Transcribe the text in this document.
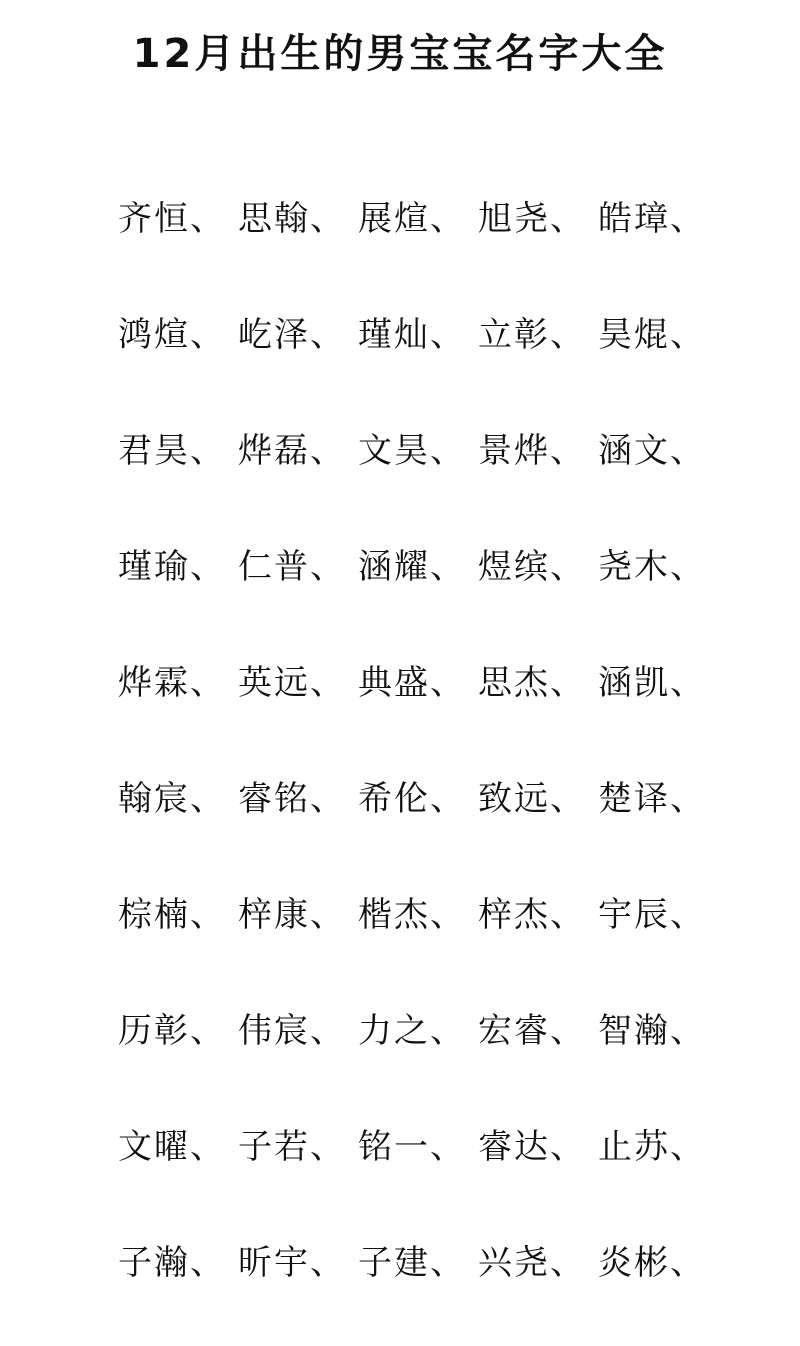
12月出生的男宝宝名字大全
齐恒、 思翰、 展煊、 旭尧、 皓璋、
鸿煊、 屹泽、 瑾灿、 立彰、 昊焜、
君昊、 烨磊、 文昊、 景烨、 涵文、
瑾瑜、 仁普、 涵耀、 煜缤、 尧木、
烨霖、 英远、 典盛、 思杰、 涵凯、
翰宸、 睿铭、 希伦、 致远、 楚译、
棕楠、 梓康、 楷杰、 梓杰、 宇辰、
历彰、 伟宸、 力之、 宏睿、 智瀚、
文曜、 子若、 铭一、 睿达、 止苏、
子瀚、 昕宇、 子建、 兴尧、 炎彬、
